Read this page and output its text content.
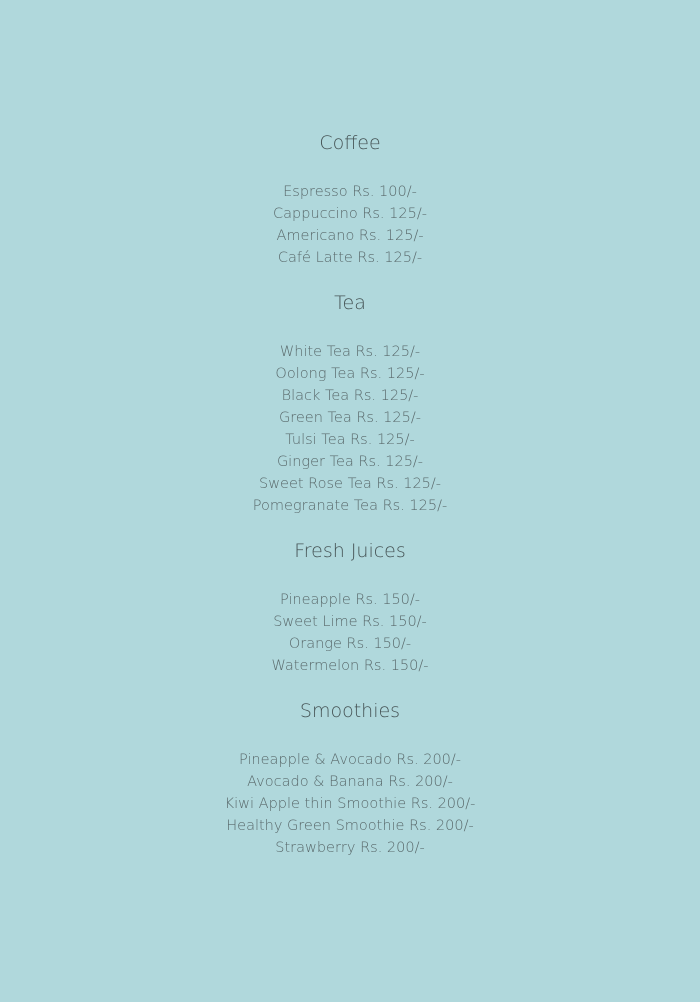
Coffee
Espresso Rs. 100/-
Cappuccino Rs. 125/-
Americano Rs. 125/-
Café Latte Rs. 125/-
Tea
White Tea Rs. 125/-
Oolong Tea Rs. 125/-
Black Tea Rs. 125/-
Green Tea Rs. 125/-
Tulsi Tea Rs. 125/-
Ginger Tea Rs. 125/-
Sweet Rose Tea Rs. 125/-
Pomegranate Tea Rs. 125/-
Fresh Juices
Pineapple Rs. 150/-
Sweet Lime Rs. 150/-
Orange Rs. 150/-
Watermelon Rs. 150/-
Smoothies
Pineapple & Avocado Rs. 200/-
Avocado & Banana Rs. 200/-
Kiwi Apple thin Smoothie Rs. 200/-
Healthy Green Smoothie Rs. 200/-
Strawberry Rs. 200/-
